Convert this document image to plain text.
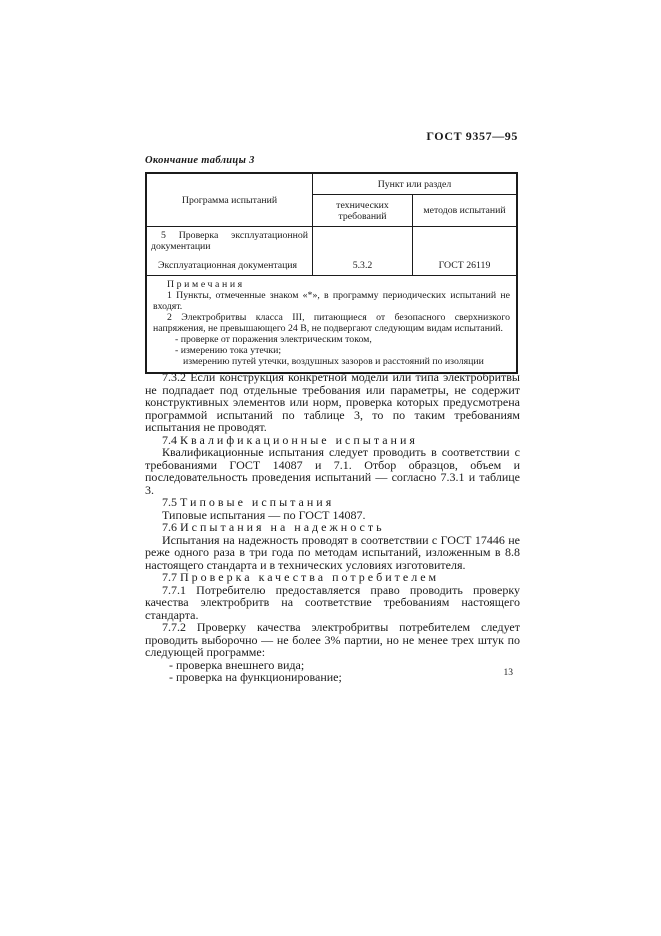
ГОСТ 9357—95
Окончание таблицы 3
Программа испытаний
Пункт или раздел
технических требований	методов испытаний
5 Проверка эксплуатационной документации
Эксплуатационная документация	5.3.2	ГОСТ 26119
Примечания
1 Пункты, отмеченные знаком «*», в программу периодических испытаний не входят.
2 Электробритвы класса III, питающиеся от безопасного сверхнизкого напряжения, не превышающего 24 В, не подвергают следующим видам испытаний.
- проверке от поражения электрическим током,
- измерению тока утечки;
измерению путей утечки, воздушных зазоров и расстояний по изоляции

7.3.2 Если конструкция конкретной модели или типа электробритвы не подпадает под отдельные требования или параметры, не содержит конструктивных элементов или норм, проверка которых предусмотрена программой испытаний по таблице 3, то по таким требованиям испытания не проводят.

7.4 Квалификационные испытания

Квалификационные испытания следует проводить в соответствии с требованиями ГОСТ 14087 и 7.1. Отбор образцов, объем и последовательность проведения испытаний — согласно 7.3.1 и таблице 3.

7.5 Типовые испытания

Типовые испытания — по ГОСТ 14087.

7.6 Испытания на надежность

Испытания на надежность проводят в соответствии с ГОСТ 17446 не реже одного раза в три года по методам испытаний, изложенным в 8.8 настоящего стандарта и в технических условиях изготовителя.

7.7 Проверка качества потребителем

7.7.1 Потребителю предоставляется право проводить проверку качества электробритв на соответствие требованиям настоящего стандарта.

7.7.2 Проверку качества электробритвы потребителем следует проводить выборочно — не более 3% партии, но не менее трех штук по следующей программе:

- проверка внешнего вида;

- проверка на функционирование;	13
